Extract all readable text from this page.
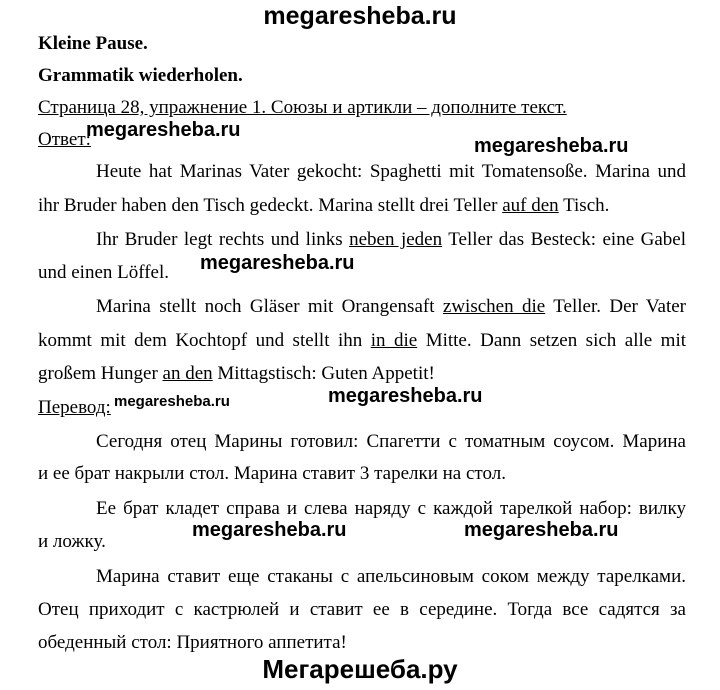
megaresheba.ru
Kleine Pause.
Grammatik wiederholen.
Страница 28, упражнение 1. Союзы и артикли – дополните текст.
Ответ:
megaresheba.ru
megaresheba.ru
Heute hat Marinas Vater gekocht: Spaghetti mit Tomatensoße. Marina und
ihr Bruder haben den Tisch gedeckt. Marina stellt drei Teller auf den Tisch.
Ihr Bruder legt rechts und links neben jeden Teller das Besteck: eine Gabel
und einen Löffel. megaresheba.ru
Marina stellt noch Gläser mit Orangensaft zwischen die Teller. Der Vater
kommt mit dem Kochtopf und stellt ihn in die Mitte. Dann setzen sich alle mit
großem Hunger an den Mittagstisch: Guten Appetit!
Перевод: megaresheba.ru	megaresheba.ru
Сегодня отец Марины готовил: Спагетти с томатным соусом. Марина
и ее брат накрыли стол. Марина ставит 3 тарелки на стол.
Ее брат кладет справа и слева наряду с каждой тарелкой набор: вилку
и ложку.
megaresheba.ru	megaresheba.ru
Марина ставит еще стаканы с апельсиновым соком между тарелками.
Отец приходит с кастрюлей и ставит ее в середине. Тогда все садятся за
обеденный стол: Приятного аппетита!
Мегарешеба.ру
